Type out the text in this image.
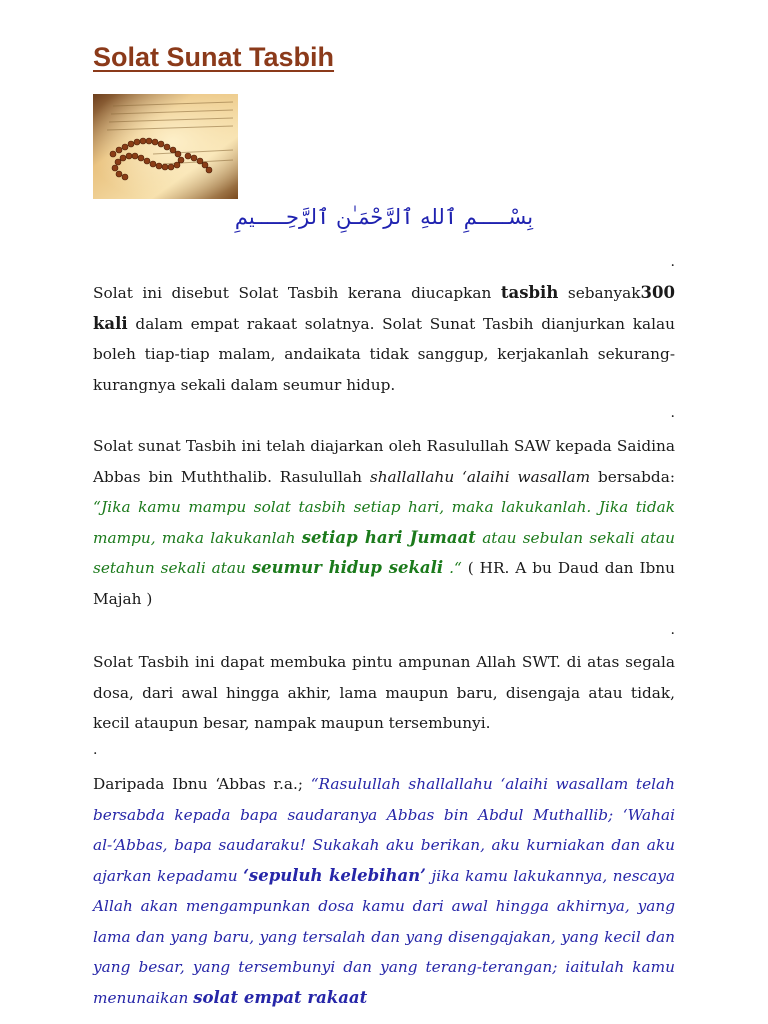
Solat Sunat Tasbih
بِسْـــــمِ ٱللهِ ٱلرَّحْمَـٰنِ ٱلرَّحِـــــيمِ
.

Solat ini disebut Solat Tasbih kerana diucapkan tasbih sebanyak300 kali dalam empat rakaat solatnya. Solat Sunat Tasbih dianjurkan kalau boleh tiap-tiap malam, andaikata tidak sanggup, kerjakanlah sekurang-kurangnya sekali dalam seumur hidup.

.

Solat sunat Tasbih ini telah diajarkan oleh Rasulullah SAW kepada Saidina Abbas bin Muththalib. Rasulullah shallallahu ‘alaihi wasallam bersabda: “Jika kamu mampu solat tasbih setiap hari, maka lakukanlah. Jika tidak mampu, maka lakukanlah setiap hari Jumaat atau sebulan sekali atau setahun sekali atau seumur hidup sekali .“ ( HR. A bu Daud dan Ibnu Majah )

.

Solat Tasbih ini dapat membuka pintu ampunan Allah SWT. di atas segala dosa, dari awal hingga akhir, lama maupun baru, disengaja atau tidak, kecil ataupun besar, nampak maupun tersembunyi.

.

Daripada Ibnu ‘Abbas r.a.; “Rasulullah shallallahu ‘alaihi wasallam telah bersabda kepada bapa saudaranya Abbas bin Abdul Muthallib; ‘Wahai al-‘Abbas, bapa saudaraku! Sukakah aku berikan, aku kurniakan dan aku ajarkan kepadamu ‘sepuluh kelebihan’ jika kamu lakukannya, nescaya Allah akan mengampunkan dosa kamu dari awal hingga akhirnya, yang lama dan yang baru, yang tersalah dan yang disengajakan, yang kecil dan yang besar, yang tersembunyi dan yang terang-terangan; iaitulah kamu menunaikan solat empat rakaat
